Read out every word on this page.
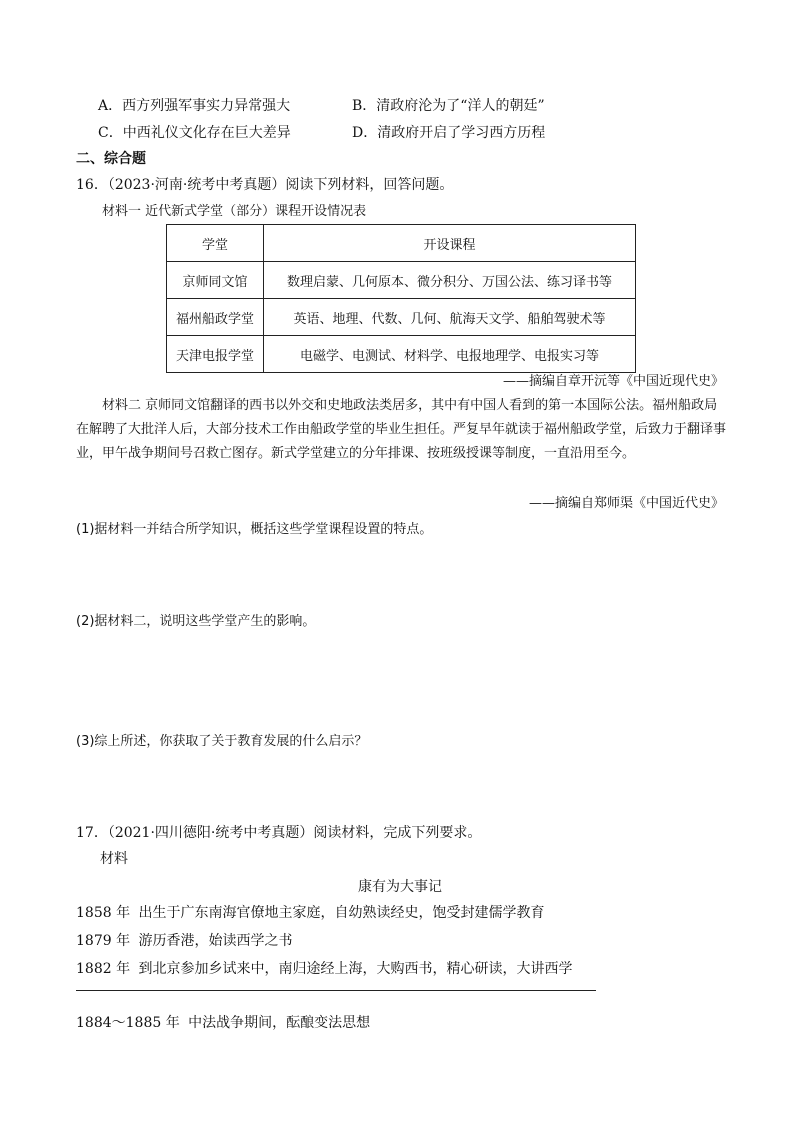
A．西方列强军事实力异常强大	B．清政府沦为了“洋人的朝廷”
C．中西礼仪文化存在巨大差异	D．清政府开启了学习西方历程
二、综合题
16．（2023·河南·统考中考真题）阅读下列材料，回答问题。
材料一 近代新式学堂（部分）课程开设情况表
学堂	开设课程
京师同文馆	数理启蒙、几何原本、微分积分、万国公法、练习译书等
福州船政学堂	英语、地理、代数、几何、航海天文学、船舶驾驶术等
天津电报学堂	电磁学、电测试、材料学、电报地理学、电报实习等
——摘编自章开沅等《中国近现代史》
材料二 京师同文馆翻译的西书以外交和史地政法类居多，其中有中国人看到的第一本国际公法。福州船政局在解聘了大批洋人后，大部分技术工作由船政学堂的毕业生担任。严复早年就读于福州船政学堂，后致力于翻译事业，甲午战争期间号召救亡图存。新式学堂建立的分年排课、按班级授课等制度，一直沿用至今。
——摘编自郑师渠《中国近代史》
(1)据材料一并结合所学知识，概括这些学堂课程设置的特点。
(2)据材料二，说明这些学堂产生的影响。
(3)综上所述，你获取了关于教育发展的什么启示？
17．（2021·四川德阳·统考中考真题）阅读材料，完成下列要求。
材料
康有为大事记
1858 年 出生于广东南海官僚地主家庭，自幼熟读经史，饱受封建儒学教育
1879 年 游历香港，始读西学之书
1882 年 到北京参加乡试来中，南归途经上海，大购西书，精心研读，大讲西学
1884～1885 年 中法战争期间，酝酿变法思想
